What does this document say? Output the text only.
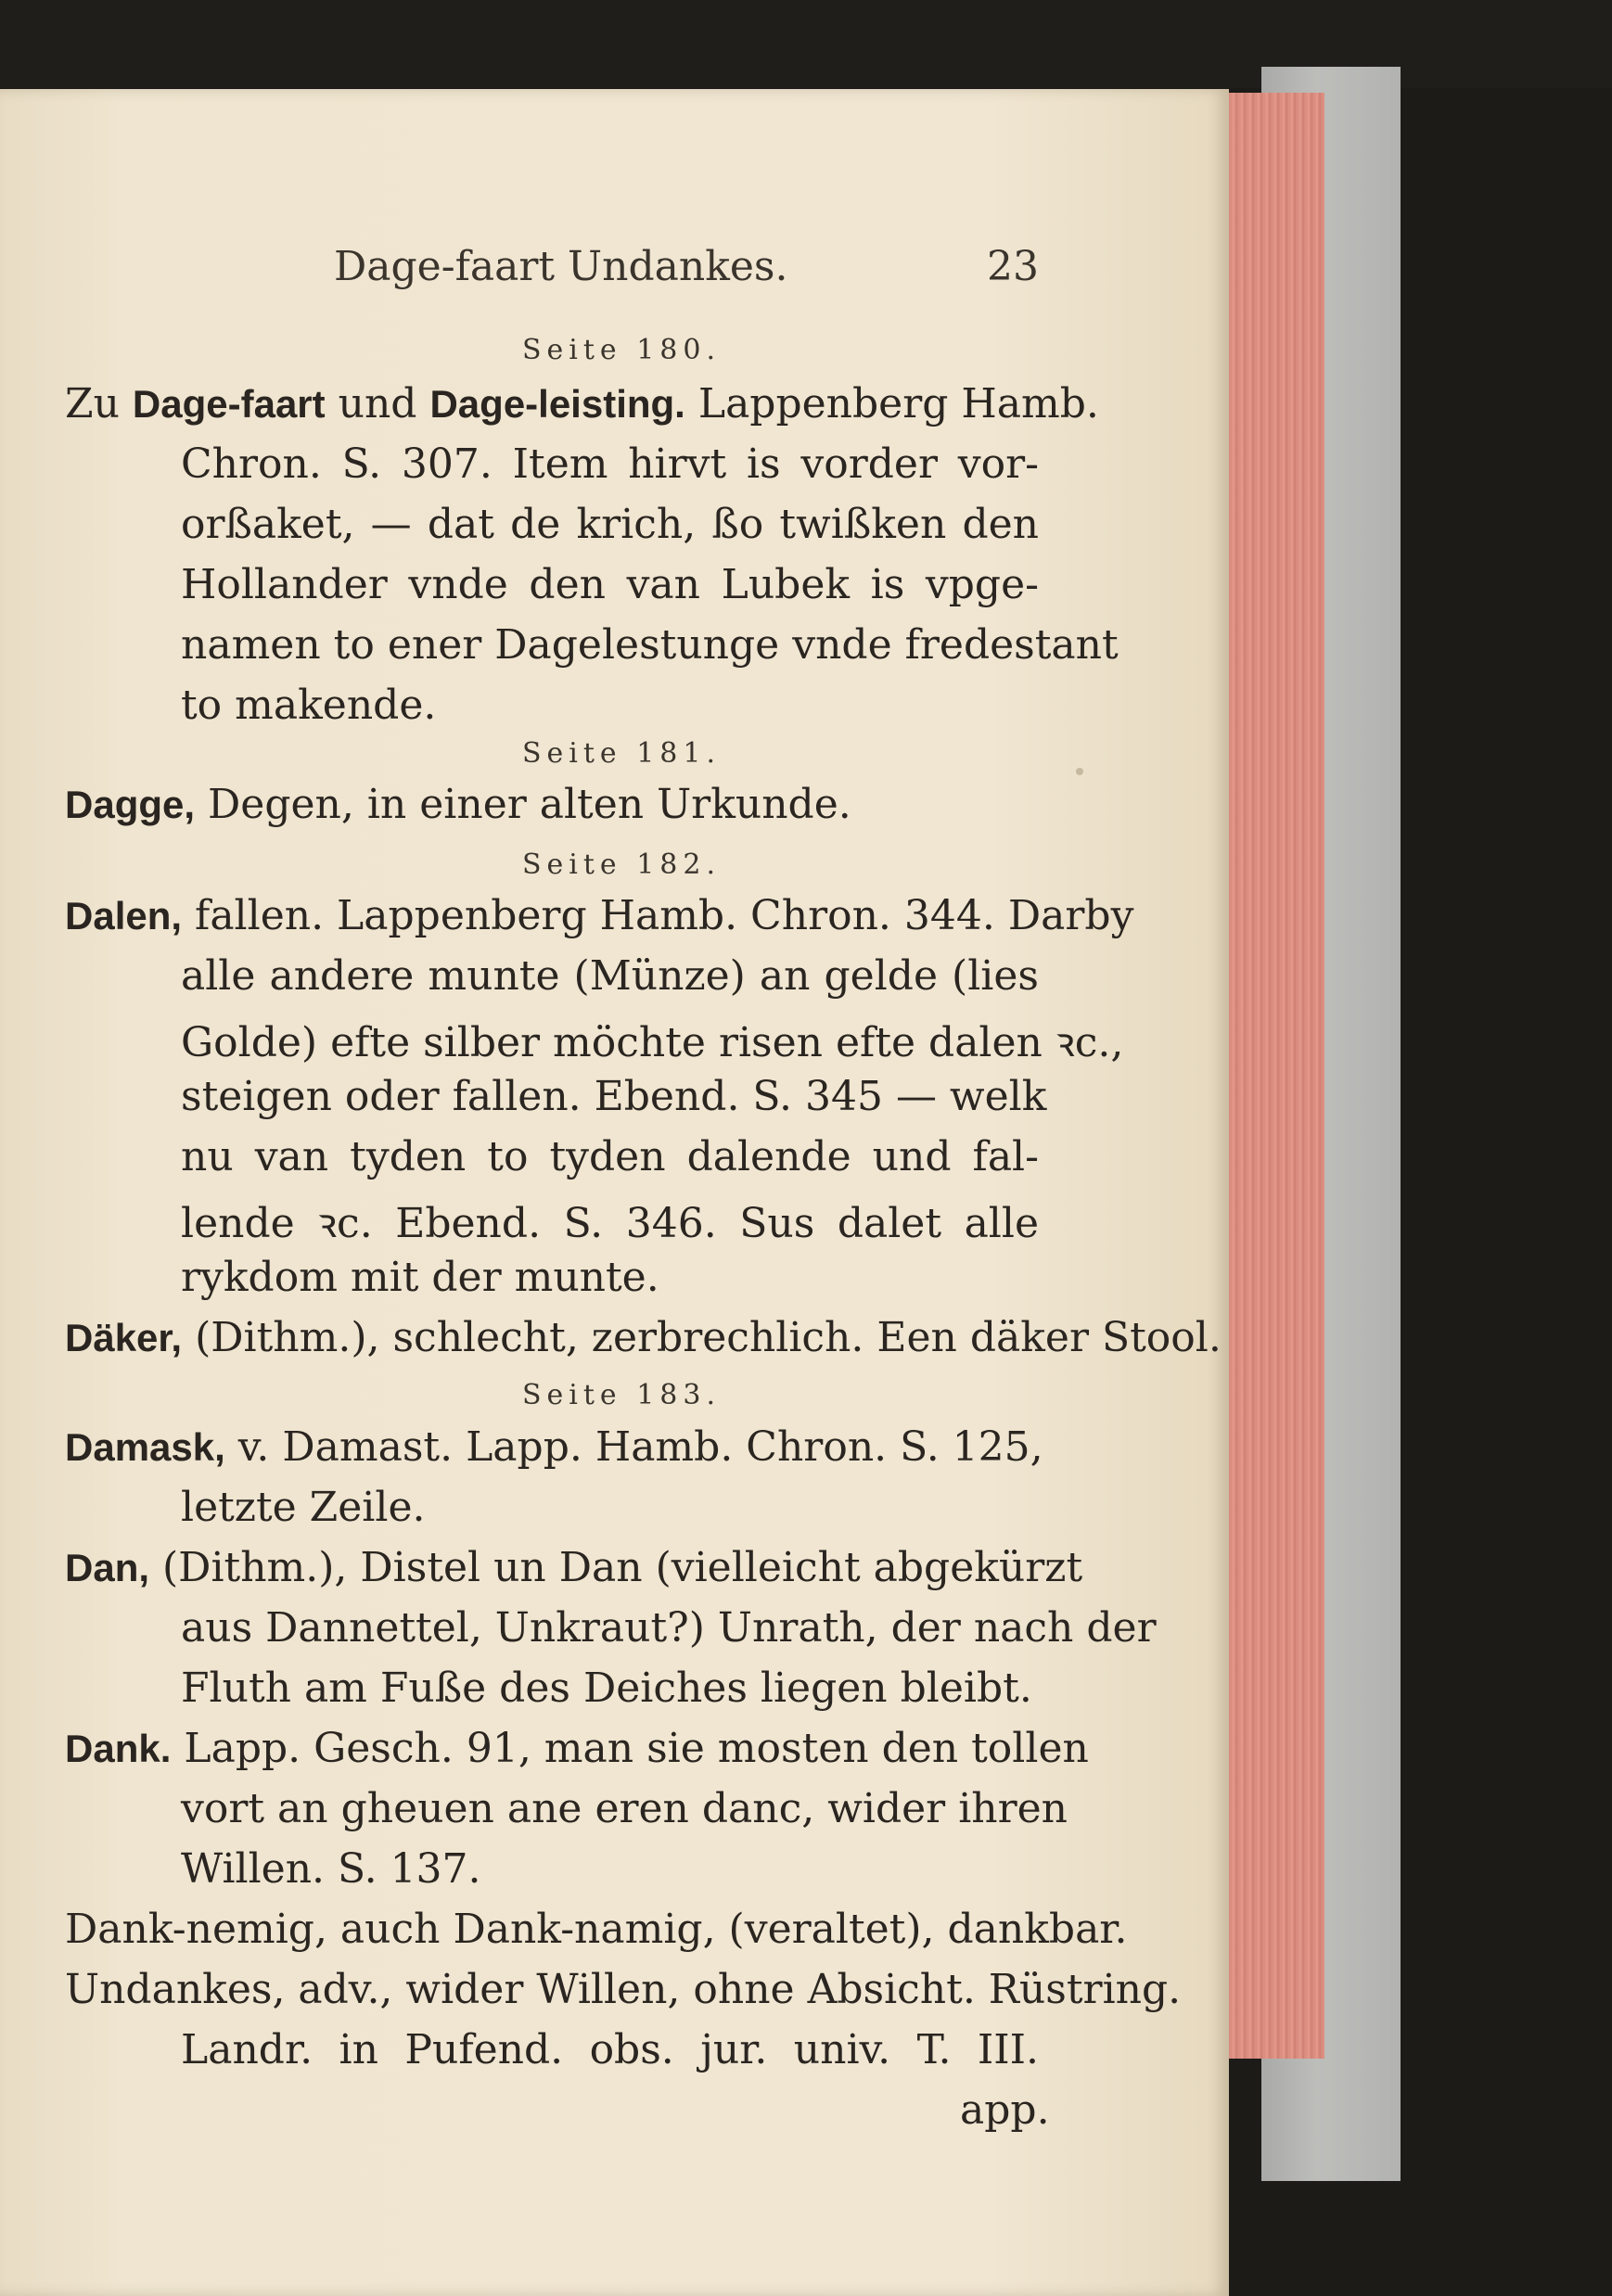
Dage-faart Undankes.	23
Seite 180.
Zu Dage-faart und Dage-leisting. Lappenberg Hamb.
Chron. S. 307. Item hirvt is vorder vor-
orßaket, — dat de krich, ßo twißken den
Hollander vnde den van Lubek is vpge-
namen to ener Dagelestunge vnde fredestant
to makende.
Seite 181.
Dagge, Degen, in einer alten Urkunde.
Seite 182.
Dalen, fallen. Lappenberg Hamb. Chron. 344. Darby
alle andere munte (Münze) an gelde (lies
Golde) efte silber möchte risen efte dalen ꝛc.,
steigen oder fallen. Ebend. S. 345 — welk
nu van tyden to tyden dalende und fal-
lende ꝛc. Ebend. S. 346. Sus dalet alle
rykdom mit der munte.
Däker, (Dithm.), schlecht, zerbrechlich. Een däker Stool.
Seite 183.
Damask, v. Damast. Lapp. Hamb. Chron. S. 125,
letzte Zeile.
Dan, (Dithm.), Distel un Dan (vielleicht abgekürzt
aus Dannettel, Unkraut?) Unrath, der nach der
Fluth am Fuße des Deiches liegen bleibt.
Dank. Lapp. Gesch. 91, man sie mosten den tollen
vort an gheuen ane eren danc, wider ihren
Willen. S. 137.
Dank-nemig, auch Dank-namig, (veraltet), dankbar.
Undankes, adv., wider Willen, ohne Absicht. Rüstring.
Landr. in Pufend. obs. jur. univ. T. III.
app.
